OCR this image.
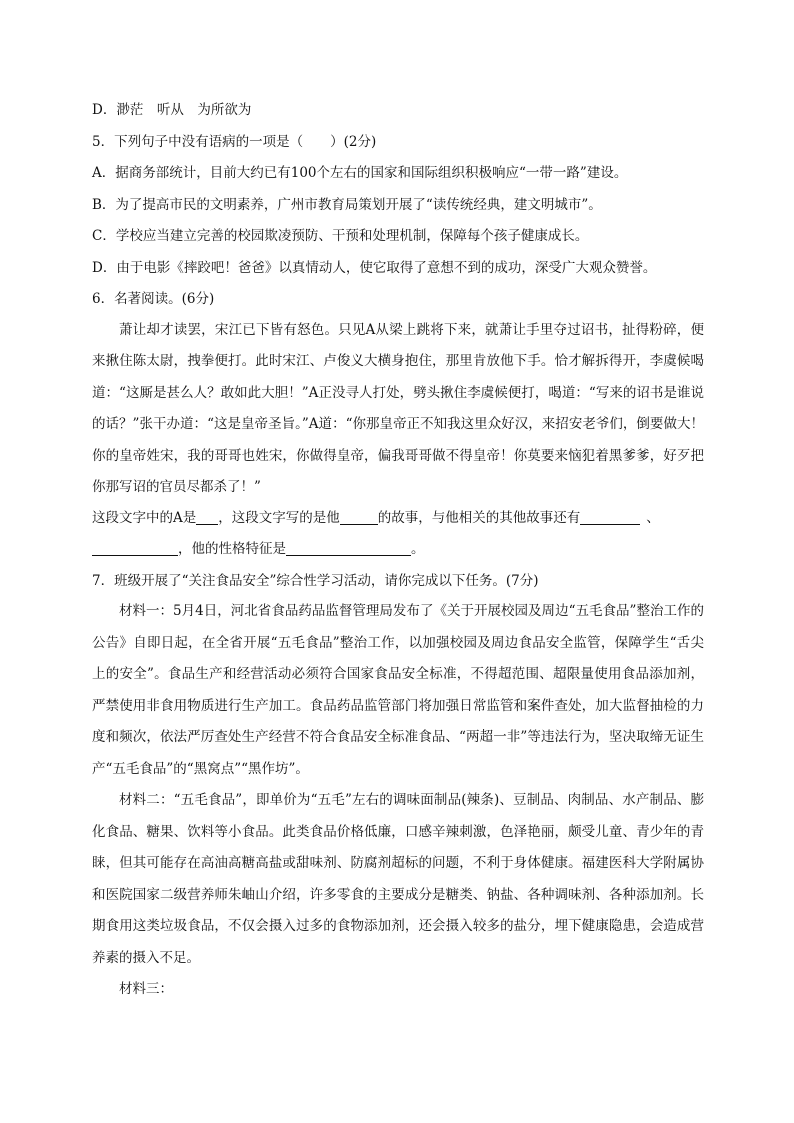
D．渺茫　听从　为所欲为
5．下列句子中没有语病的一项是（　　）(2分)
A．据商务部统计，目前大约已有100个左右的国家和国际组织积极响应“一带一路”建设。
B．为了提高市民的文明素养，广州市教育局策划开展了“读传统经典，建文明城市”。
C．学校应当建立完善的校园欺凌预防、干预和处理机制，保障每个孩子健康成长。
D．由于电影《摔跤吧！爸爸》以真情动人，使它取得了意想不到的成功，深受广大观众赞誉。
6．名著阅读。(6分)
萧让却才读罢，宋江已下皆有怒色。只见A从梁上跳将下来，就萧让手里夺过诏书，扯得粉碎，便来揪住陈太尉，拽拳便打。此时宋江、卢俊义大横身抱住，那里肯放他下手。恰才解拆得开，李虞候喝道：“这厮是甚么人？敢如此大胆！”A正没寻人打处，劈头揪住李虞候便打，喝道：“写来的诏书是谁说的话？”张干办道：“这是皇帝圣旨。”A道：“你那皇帝正不知我这里众好汉，来招安老爷们，倒要做大！你的皇帝姓宋，我的哥哥也姓宋，你做得皇帝，偏我哥哥做不得皇帝！你莫要来恼犯着黑爹爹，好歹把你那写诏的官员尽都杀了！”
这段文字中的A是 ，这段文字写的是他	的故事，与他相关的其他故事还有	、
，他的性格特征是	。
7．班级开展了“关注食品安全”综合性学习活动，请你完成以下任务。(7分)
材料一：5月4日，河北省食品药品监督管理局发布了《关于开展校园及周边“五毛食品”整治工作的公告》自即日起，在全省开展“五毛食品”整治工作，以加强校园及周边食品安全监管，保障学生“舌尖上的安全”。食品生产和经营活动必须符合国家食品安全标准，不得超范围、超限量使用食品添加剂，严禁使用非食用物质进行生产加工。食品药品监管部门将加强日常监管和案件查处，加大监督抽检的力度和频次，依法严厉查处生产经营不符合食品安全标准食品、“两超一非”等违法行为，坚决取缔无证生产“五毛食品”的“黑窝点”“黑作坊”。
材料二：“五毛食品”，即单价为“五毛”左右的调味面制品(辣条)、豆制品、肉制品、水产制品、膨化食品、糖果、饮料等小食品。此类食品价格低廉，口感辛辣刺激，色泽艳丽，颇受儿童、青少年的青睐，但其可能存在高油高糖高盐或甜味剂、防腐剂超标的问题，不利于身体健康。福建医科大学附属协和医院国家二级营养师朱岫山介绍，许多零食的主要成分是糖类、钠盐、各种调味剂、各种添加剂。长期食用这类垃圾食品，不仅会摄入过多的食物添加剂，还会摄入较多的盐分，埋下健康隐患，会造成营养素的摄入不足。
材料三：
